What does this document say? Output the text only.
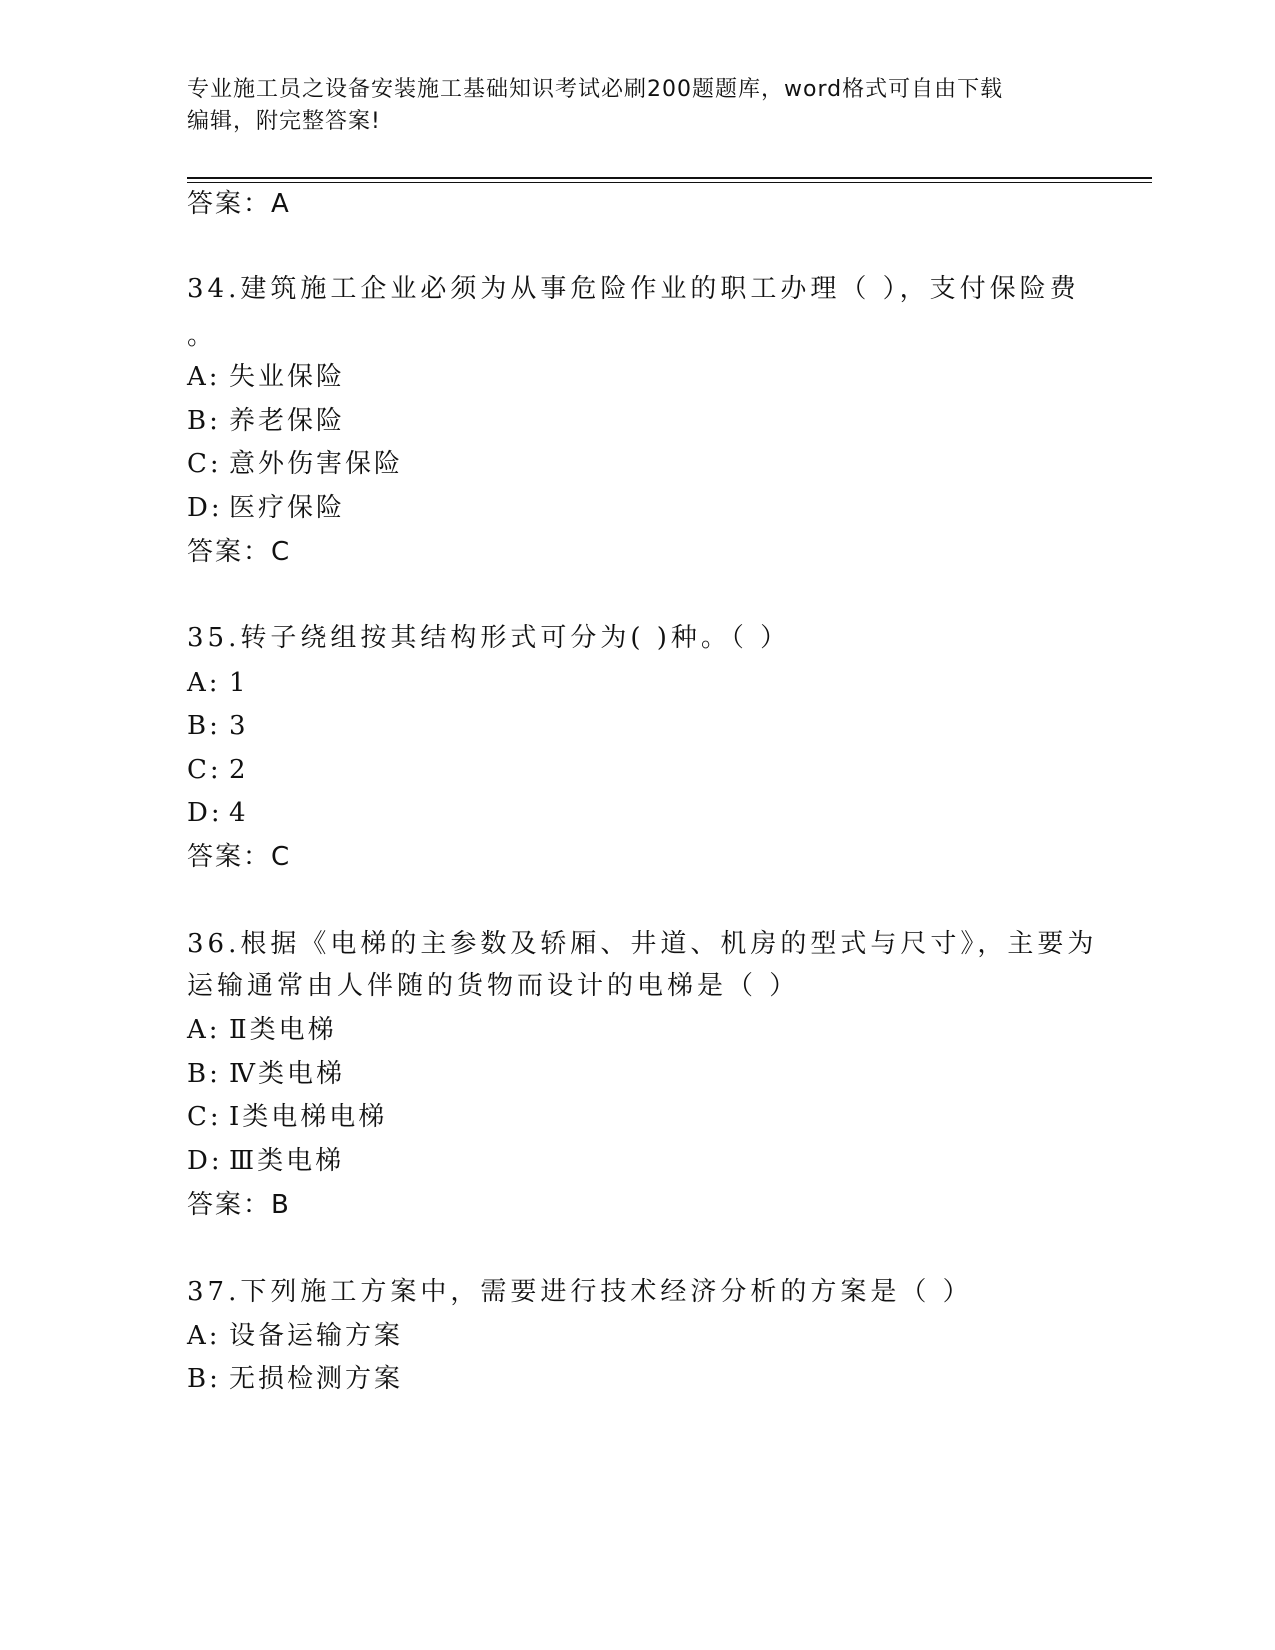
专业施工员之设备安装施工基础知识考试必刷200题题库，word格式可自由下载
编辑，附完整答案!
答案：A
34.建筑施工企业必须为从事危险作业的职工办理（ ），支付保险费
。
A: 失业保险
B: 养老保险
C: 意外伤害保险
D: 医疗保险
答案：C
35.转子绕组按其结构形式可分为( )种。（ ）
A: 1
B: 3
C: 2
D: 4
答案：C
36.根据《电梯的主参数及轿厢、井道、机房的型式与尺寸》，主要为
运输通常由人伴随的货物而设计的电梯是（ ）
A: Ⅱ类电梯
B: Ⅳ类电梯
C: Ⅰ类电梯电梯
D: Ⅲ类电梯
答案：B
37.下列施工方案中，需要进行技术经济分析的方案是（ ）
A: 设备运输方案
B: 无损检测方案
